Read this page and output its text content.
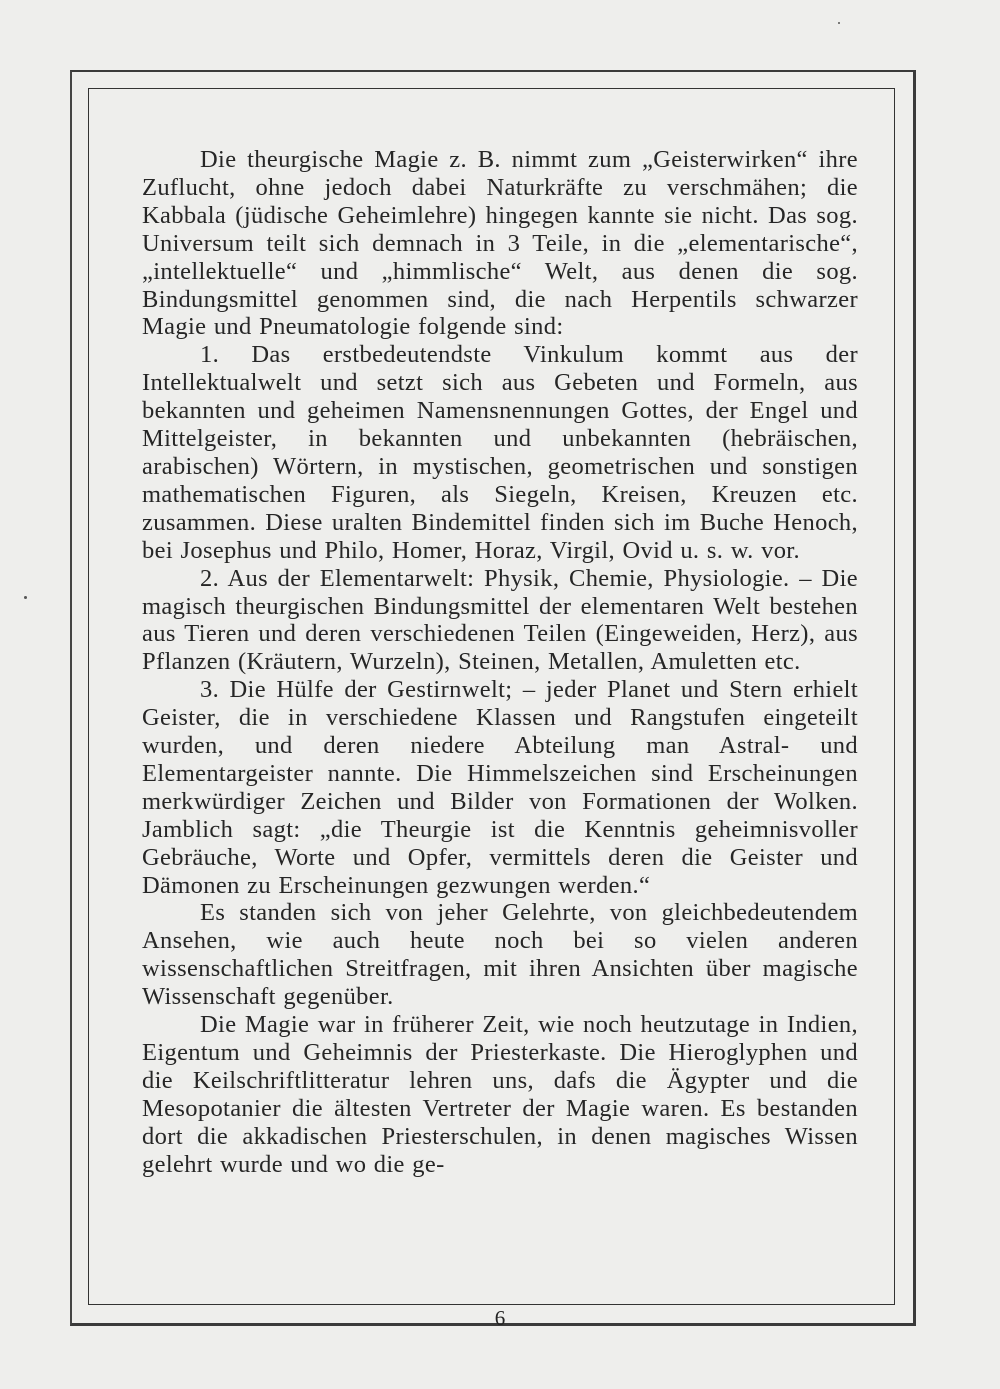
Die theurgische Magie z. B. nimmt zum „Geisterwirken“ ihre Zuflucht, ohne jedoch dabei Naturkräfte zu verschmähen; die Kabbala (jüdische Geheimlehre) hingegen kannte sie nicht. Das sog. Universum teilt sich demnach in 3 Teile, in die „elementarische“, „intellektuelle“ und „himmlische“ Welt, aus denen die sog. Bindungsmittel genommen sind, die nach Herpentils schwarzer Magie und Pneumatologie folgende sind:

1. Das erstbedeutendste Vinkulum kommt aus der Intellektualwelt und setzt sich aus Gebeten und Formeln, aus bekannten und geheimen Namensnennungen Gottes, der Engel und Mittelgeister, in bekannten und unbekannten (hebräischen, arabischen) Wörtern, in mystischen, geometrischen und sonstigen mathematischen Figuren, als Siegeln, Kreisen, Kreuzen etc. zusammen. Diese uralten Bindemittel finden sich im Buche Henoch, bei Josephus und Philo, Homer, Horaz, Virgil, Ovid u. s. w. vor.

2. Aus der Elementarwelt: Physik, Chemie, Physiologie. – Die magisch theurgischen Bindungsmittel der elementaren Welt bestehen aus Tieren und deren verschiedenen Teilen (Eingeweiden, Herz), aus Pflanzen (Kräutern, Wurzeln), Steinen, Metallen, Amuletten etc.

3. Die Hülfe der Gestirnwelt; – jeder Planet und Stern erhielt Geister, die in verschiedene Klassen und Rangstufen eingeteilt wurden, und deren niedere Abteilung man Astral- und Elementargeister nannte. Die Himmelszeichen sind Erscheinungen merkwürdiger Zeichen und Bilder von Formationen der Wolken. Jamblich sagt: „die Theurgie ist die Kenntnis geheimnisvoller Gebräuche, Worte und Opfer, vermittels deren die Geister und Dämonen zu Erscheinungen gezwungen werden.“

Es standen sich von jeher Gelehrte, von gleichbedeutendem Ansehen, wie auch heute noch bei so vielen anderen wissenschaftlichen Streitfragen, mit ihren Ansichten über magische Wissenschaft gegenüber.

Die Magie war in früherer Zeit, wie noch heutzutage in Indien, Eigentum und Geheimnis der Priesterkaste. Die Hieroglyphen und die Keilschriftlitteratur lehren uns, dafs die Ägypter und die Mesopotanier die ältesten Vertreter der Magie waren. Es bestanden dort die akkadischen Priesterschulen, in denen magisches Wissen gelehrt wurde und wo die ge-

6
